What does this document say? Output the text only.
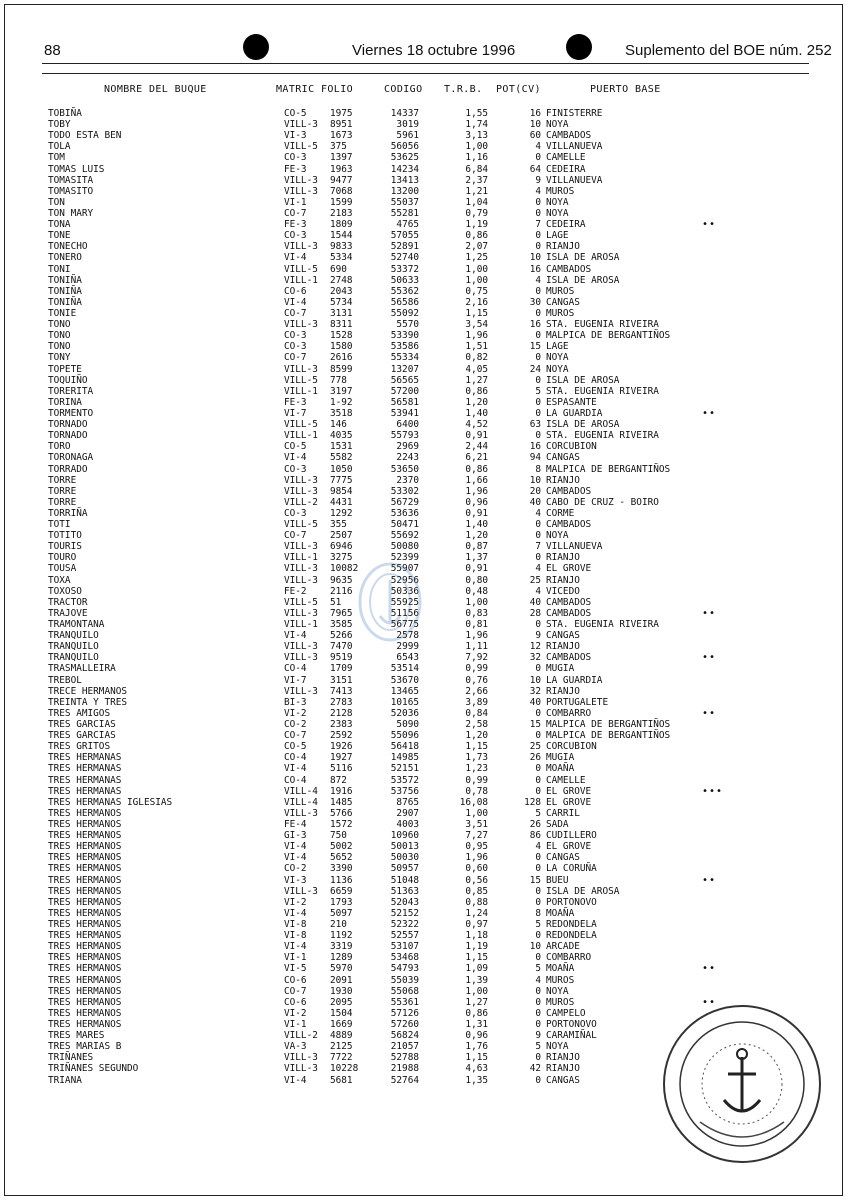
88	Viernes 18 octubre 1996	Suplemento del BOE núm. 252
NOMBRE DEL BUQUE	MATRIC FOLIO	CODIGO T.R.B. POT(CV)	PUERTO BASE
TOBIÑA	CO-5 1975	14337	1,55	16 FINISTERRE
TOBY	VILL-3 8951	3019	1,74	10 NOYA
TODO ESTA BEN	VI-3 1673	5961	3,13	60 CAMBADOS
TOLA	VILL-5 375	56056	1,00	4 VILLANUEVA
TOM	CO-3 1397	53625	1,16	0 CAMELLE
TOMAS LUIS	FE-3 1963	14234	6,84	64 CEDEIRA
TOMASITA	VILL-3 9477	13413	2,37	9 VILLANUEVA
TOMASITO	VILL-3 7068	13200	1,21	4 MUROS
TON	VI-1 1599	55037	1,04	0 NOYA
TON MARY	CO-7 2183	55281	0,79	0 NOYA
TONA	FE-3 1809	4765	1,19	7 CEDEIRA	••
TONE	CO-3 1544	57055	0,86	0 LAGE
TONECHO	VILL-3 9833	52891	2,07	0 RIANJO
TONERO	VI-4 5334	52740	1,25	10 ISLA DE AROSA
TONI	VILL-5 690	53372	1,00	16 CAMBADOS
TONIÑA	VILL-1 2748	50633	1,00	4 ISLA DE AROSA
TONIÑA	CO-6 2043	55362	0,75	0 MUROS
TONIÑA	VI-4 5734	56586	2,16	30 CANGAS
TONIE	CO-7 3131	55092	1,15	0 MUROS
TONO	VILL-3 8311	5570	3,54	16 STA. EUGENIA RIVEIRA
TONO	CO-3 1528	53390	1,96	0 MALPICA DE BERGANTIÑOS
TONO	CO-3 1580	53586	1,51	15 LAGE
TONY	CO-7 2616	55334	0,82	0 NOYA
TOPETE	VILL-3 8599	13207	4,05	24 NOYA
TOQUIÑO	VILL-5 778	56565	1,27	0 ISLA DE AROSA
TORERITA	VILL-1 3197	57200	0,86	5 STA. EUGENIA RIVEIRA
TORINA	FE-3 1-92	56581	1,20	0 ESPASANTE
TORMENTO	VI-7 3518	53941	1,40	0 LA GUARDIA	••
TORNADO	VILL-5 146	6400	4,52	63 ISLA DE AROSA
TORNADO	VILL-1 4035	55793	0,91	0 STA. EUGENIA RIVEIRA
TORO	CO-5 1531	2969	2,44	16 CORCUBION
TORONAGA	VI-4 5582	2243	6,21	94 CANGAS
TORRADO	CO-3 1050	53650	0,86	8 MALPICA DE BERGANTIÑOS
TORRE	VILL-3 7775	2370	1,66	10 RIANJO
TORRE	VILL-3 9854	53302	1,96	20 CAMBADOS
TORRE	VILL-2 4431	56729	0,96	40 CABO DE CRUZ - BOIRO
TORRIÑA	CO-3 1292	53636	0,91	4 CORME
TOTI	VILL-5 355	50471	1,40	0 CAMBADOS
TOTITO	CO-7 2507	55692	1,20	0 NOYA
TOURIS	VILL-3 6946	50080	0,87	7 VILLANUEVA
TOURO	VILL-1 3275	52399	1,37	0 RIANJO
TOUSA	VILL-3 10082	55907	0,91	4 EL GROVE
TOXA	VILL-3 9635	52956	0,80	25 RIANJO
TOXOSO	FE-2 2116	50336	0,48	4 VICEDO
TRACTOR	VILL-5 51	55925	1,00	40 CAMBADOS
TRAJOVE	VILL-3 7965	51156	0,83	28 CAMBADOS	••
TRAMONTANA	VILL-1 3585	56775	0,81	0 STA. EUGENIA RIVEIRA
TRANQUILO	VI-4 5266	2578	1,96	9 CANGAS
TRANQUILO	VILL-3 7470	2999	1,11	12 RIANJO
TRANQUILO	VILL-3 9519	6543	7,92	32 CAMBADOS	••
TRASMALLEIRA	CO-4 1709	53514	0,99	0 MUGIA
TREBOL	VI-7 3151	53670	0,76	10 LA GUARDIA
TRECE HERMANOS	VILL-3 7413	13465	2,66	32 RIANJO
TREINTA Y TRES	BI-3 2783	10165	3,89	40 PORTUGALETE
TRES AMIGOS	VI-2 2128	52036	0,84	0 COMBARRO	••
TRES GARCIAS	CO-2 2383	5090	2,58	15 MALPICA DE BERGANTIÑOS
TRES GARCIAS	CO-7 2592	55096	1,20	0 MALPICA DE BERGANTIÑOS
TRES GRITOS	CO-5 1926	56418	1,15	25 CORCUBION
TRES HERMANAS	CO-4 1927	14985	1,73	26 MUGIA
TRES HERMANAS	VI-4 5116	52151	1,23	0 MOAÑA
TRES HERMANAS	CO-4 872	53572	0,99	0 CAMELLE
TRES HERMANAS	VILL-4 1916	53756	0,78	0 EL GROVE	•••
TRES HERMANAS IGLESIAS	VILL-4 1485	8765	16,08	128 EL GROVE
TRES HERMANOS	VILL-3 5766	2907	1,00	5 CARRIL
TRES HERMANOS	FE-4 1572	4003	3,51	26 SADA
TRES HERMANOS	GI-3 750	10960	7,27	86 CUDILLERO
TRES HERMANOS	VI-4 5002	50013	0,95	4 EL GROVE
TRES HERMANOS	VI-4 5652	50030	1,96	0 CANGAS
TRES HERMANOS	CO-2 3390	50957	0,60	0 LA CORUÑA
TRES HERMANOS	VI-3 1136	51048	0,56	15 BUEU	••
TRES HERMANOS	VILL-3 6659	51363	0,85	0 ISLA DE AROSA
TRES HERMANOS	VI-2 1793	52043	0,88	0 PORTONOVO
TRES HERMANOS	VI-4 5097	52152	1,24	8 MOAÑA
TRES HERMANOS	VI-8 210	52322	0,97	5 REDONDELA
TRES HERMANOS	VI-8 1192	52557	1,18	0 REDONDELA
TRES HERMANOS	VI-4 3319	53107	1,19	10 ARCADE
TRES HERMANOS	VI-1 1289	53468	1,15	0 COMBARRO
TRES HERMANOS	VI-5 5970	54793	1,09	5 MOAÑA	••
TRES HERMANOS	CO-6 2091	55039	1,39	4 MUROS
TRES HERMANOS	CO-7 1930	55068	1,00	0 NOYA
TRES HERMANOS	CO-6 2095	55361	1,27	0 MUROS	••
TRES HERMANOS	VI-2 1504	57126	0,86	0 CAMPELO
TRES HERMANOS	VI-1 1669	57260	1,31	0 PORTONOVO
TRES MARES	VILL-2 4889	56824	0,96	9 CARAMIÑAL
TRES MARIAS B	VA-3 2125	21057	1,76	5 NOYA
TRIÑANES	VILL-3 7722	52788	1,15	0 RIANJO
TRIÑANES SEGUNDO	VILL-3 10228	21988	4,63	42 RIANJO
TRIANA	VI-4 5681	52764	1,35	0 CANGAS
